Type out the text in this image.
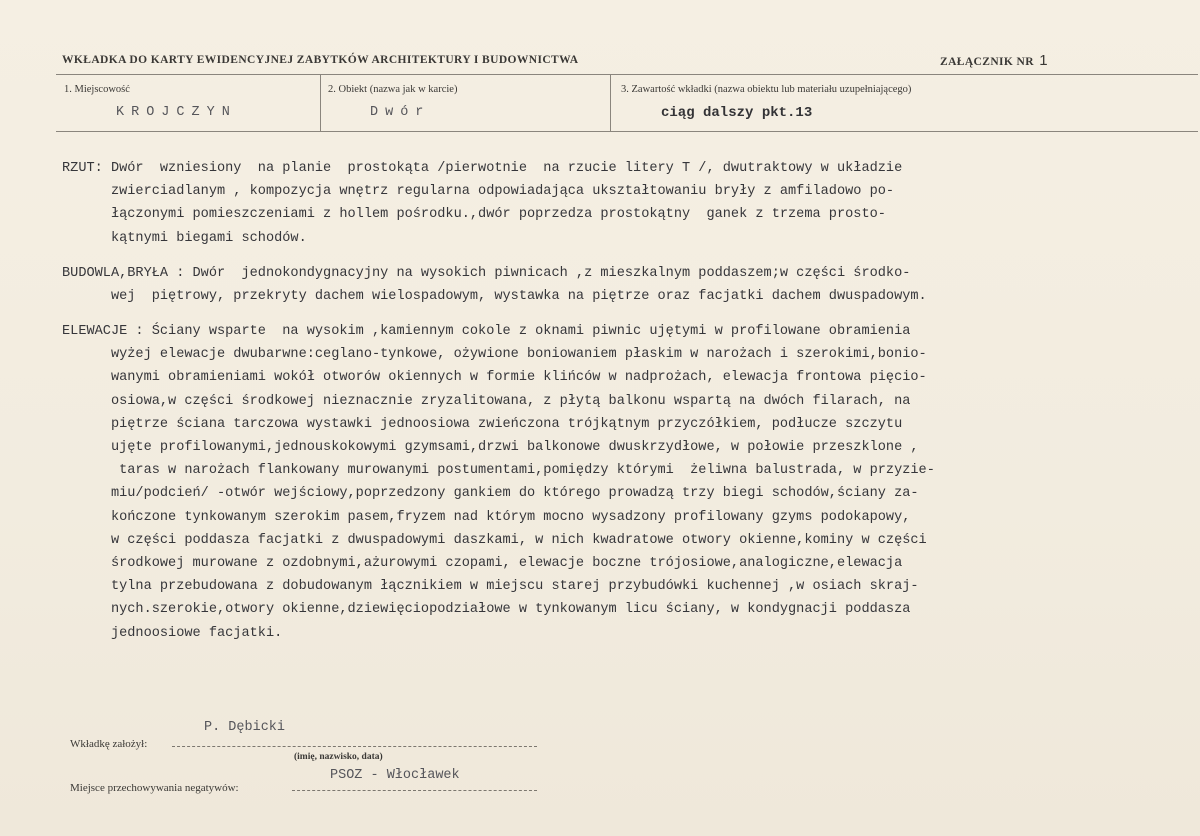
WKŁADKA DO KARTY EWIDENCYJNEJ ZABYTKÓW ARCHITEKTURY I BUDOWNICTWA	ZAŁĄCZNIK NR 1
1. Miejscowość	2. Obiekt (nazwa jak w karcie)	3. Zawartość wkładki (nazwa obiektu lub materiału uzupełniającego)
KROJCZYN	Dwór	ciąg dalszy pkt.13
RZUT: Dwór  wzniesiony  na planie  prostokąta /pierwotnie  na rzucie litery T /, dwutraktowy w układzie
zwierciadlanym , kompozycja wnętrz regularna odpowiadająca ukształtowaniu bryły z amfiladowo po-
łączonymi pomieszczeniami z hollem pośrodku.,dwór poprzedza prostokątny  ganek z trzema prosto-
kątnymi biegami schodów.
BUDOWLA,BRYŁA : Dwór  jednokondygnacyjny na wysokich piwnicach ,z mieszkalnym poddaszem;w części środko-
wej  piętrowy, przekryty dachem wielospadowym, wystawka na piętrze oraz facjatki dachem dwuspadowym.
ELEWACJE : Ściany wsparte  na wysokim ,kamiennym cokole z oknami piwnic ujętymi w profilowane obramienia
wyżej elewacje dwubarwne:ceglano-tynkowe, ożywione boniowaniem płaskim w narożach i szerokimi,bonio-
wanymi obramieniami wokół otworów okiennych w formie klińców w nadprożach, elewacja frontowa pięcio-
osiowa,w części środkowej nieznacznie zryzalitowana, z płytą balkonu wspartą na dwóch filarach, na
piętrze ściana tarczowa wystawki jednoosiowa zwieńczona trójkątnym przyczółkiem, podłucze szczytu
ujęte profilowanymi,jednouskokowymi gzymsami,drzwi balkonowe dwuskrzydłowe, w połowie przeszklone ,
taras w narożach flankowany murowanymi postumentami,pomiędzy którymi  żeliwna balustrada, w przyzie-
miu/podcień/ -otwór wejściowy,poprzedzony gankiem do którego prowadzą trzy biegi schodów,ściany za-
kończone tynkowanym szerokim pasem,fryzem nad którym mocno wysadzony profilowany gzyms podokapowy,
w części poddasza facjatki z dwuspadowymi daszkami, w nich kwadratowe otwory okienne,kominy w części
środkowej murowane z ozdobnymi,ażurowymi czopami, elewacje boczne trójosiowe,analogiczne,elewacja
tylna przebudowana z dobudowanym łącznikiem w miejscu starej przybudówki kuchennej ,w osiach skraj-
nych.szerokie,otwory okienne,dziewięciopodziałowe w tynkowanym licu ściany, w kondygnacji poddasza
jednoosiowe facjatki.
Wkładkę założył:
P. Dębicki
(imię, nazwisko, data)
Miejsce przechowywania negatywów:
PSOZ - Włocławek
